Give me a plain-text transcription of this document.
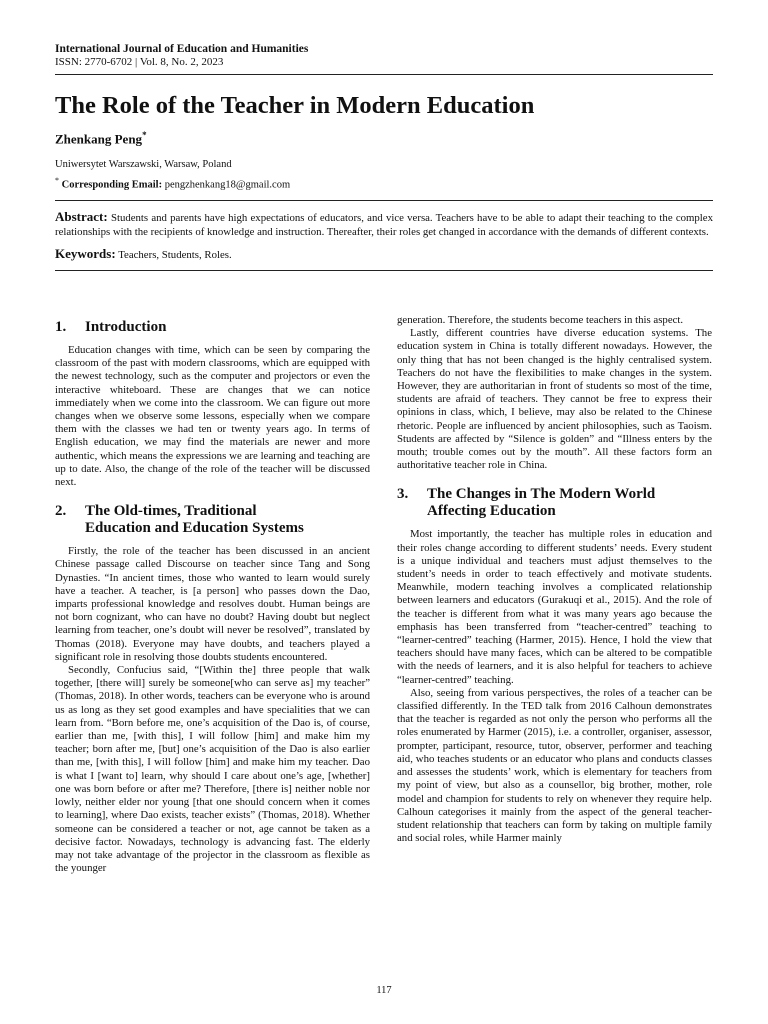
International Journal of Education and Humanities
ISSN: 2770-6702 | Vol. 8, No. 2, 2023
The Role of the Teacher in Modern Education
Zhenkang Peng*
Uniwersytet Warszawski, Warsaw, Poland
* Corresponding Email: pengzhenkang18@gmail.com
Abstract: Students and parents have high expectations of educators, and vice versa. Teachers have to be able to adapt their teaching to the complex relationships with the recipients of knowledge and instruction. Thereafter, their roles get changed in accordance with the demands of different contexts.
Keywords: Teachers, Students, Roles.
1. Introduction

Education changes with time, which can be seen by comparing the classroom of the past with modern classrooms, which are equipped with the newest technology, such as the computer and projectors or even the interactive whiteboard. These are changes that we can notice immediately when we come into the classroom. We can figure out more changes when we observe some lessons, especially when we compare them with the classes we had ten or twenty years ago. In terms of English education, we may find the materials are newer and more authentic, which means the expressions we are learning and teaching are up to date. Also, the change of the role of the teacher will be discussed next.

2. The Old-times, Traditional
Education and Education Systems

Firstly, the role of the teacher has been discussed in an ancient Chinese passage called Discourse on teacher since Tang and Song Dynasties. “In ancient times, those who wanted to learn would surely have a teacher. A teacher, is [a person] who passes down the Dao, imparts professional knowledge and resolves doubt. Human beings are not born cognizant, who can have no doubt? Having doubt but neglect learning from teacher, one’s doubt will never be resolved”, translated by Thomas (2018). Everyone may have doubts, and teachers played a significant role in resolving those doubts students encountered.

Secondly, Confucius said, “[Within the] three people that walk together, [there will] surely be someone[who can serve as] my teacher” (Thomas, 2018). In other words, teachers can be everyone who is around us as long as they set good examples and have specialities that we can learn from. “Born before me, one’s acquisition of the Dao is, of course, earlier than me, [with this], I will follow [him] and make him my teacher; born after me, [but] one’s acquisition of the Dao is also earlier than me, [with this], I will follow [him] and make him my teacher. Dao is what I [want to] learn, why should I care about one’s age, [whether] one was born before or after me? Therefore, [there is] neither noble nor lowly, neither elder nor young [that one should concern when it comes to learning], where Dao exists, teacher exists” (Thomas, 2018). Whether someone can be considered a teacher or not, age cannot be taken as a decisive factor. Nowadays, technology is advancing fast. The elderly may not take advantage of the projector in the classroom as flexible as the younger

generation. Therefore, the students become teachers in this aspect.

Lastly, different countries have diverse education systems. The education system in China is totally different nowadays. However, the only thing that has not been changed is the highly centralised system. Teachers do not have the flexibilities to make changes in the system. However, they are authoritarian in front of students so most of the time, students are afraid of teachers. They cannot be free to express their opinions in class, which, I believe, may also be related to the Chinese rhetoric. People are influenced by ancient philosophies, such as Taoism. Students are affected by “Silence is golden” and “Illness enters by the mouth; trouble comes out by the mouth”. All these factors form an authoritative teacher role in China.

3. The Changes in The Modern World
Affecting Education

Most importantly, the teacher has multiple roles in education and their roles change according to different students’ needs. Every student is a unique individual and teachers must adjust themselves to the student’s needs in order to teach effectively and motivate students. Meanwhile, modern teaching involves a complicated relationship between learners and educators (Gurakuqi et al., 2015). And the role of the teacher is different from what it was many years ago because the emphasis has been transferred from “teacher-centred” teaching to “learner-centred” teaching (Harmer, 2015). Hence, I hold the view that teachers should have many faces, which can be altered to be compatible with the needs of learners, and it is also helpful for teachers to achieve “learner-centred” teaching.

Also, seeing from various perspectives, the roles of a teacher can be classified differently. In the TED talk from 2016 Calhoun demonstrates that the teacher is regarded as not only the person who performs all the roles enumerated by Harmer (2015), i.e. a controller, organiser, assessor, prompter, participant, resource, tutor, observer, performer and teaching aid, who teaches students or an educator who plans and conducts classes and assesses the students’ work, which is elementary for teachers from my point of view, but also as a counsellor, big brother, mother, role model and champion for students to rely on whenever they require help. Calhoun categorises it mainly from the aspect of the general teacher-student relationship that teachers can form by taking on multiple family and social roles, while Harmer mainly

117
